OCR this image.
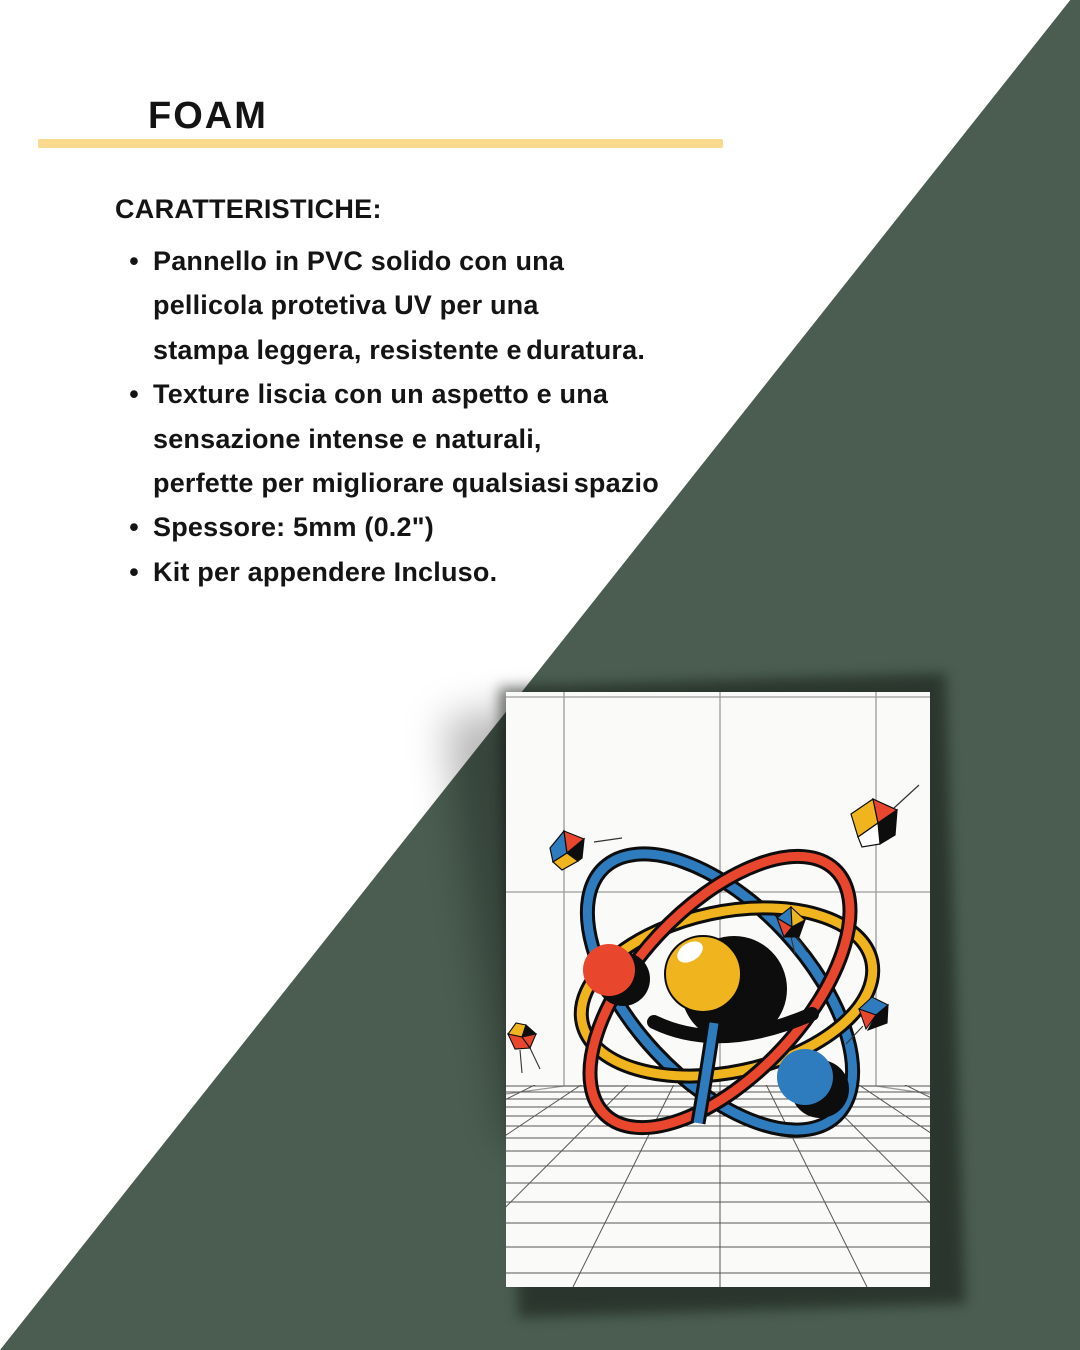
FOAM
CARATTERISTICHE:
• Pannello in PVC solido con una pellicola protetiva UV per una stampa leggera, resistente e duratura.
• Texture liscia con un aspetto e una sensazione intense e naturali, perfette per migliorare qualsiasi spazio
• Spessore: 5mm (0.2")
• Kit per appendere Incluso.
